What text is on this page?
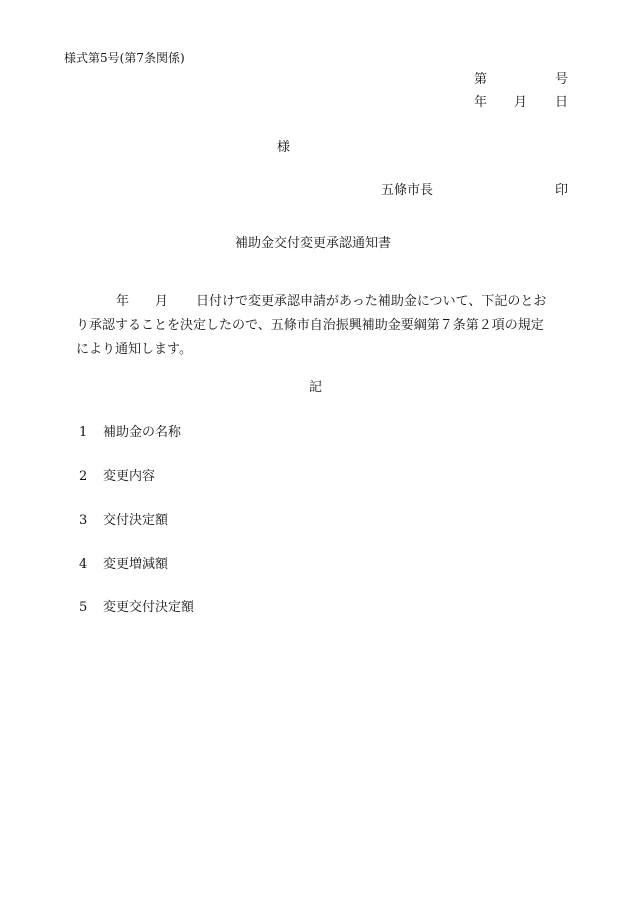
様式第5号(第7条関係)
第	号
年 月 日
様
五條市長	印
補助金交付変更承認通知書
年 月 日付けで変更承認申請があった補助金について、下記のとお
り承認することを決定したので、五條市自治振興補助金要綱第７条第２項の規定
により通知します。
記
1 補助金の名称
2 変更内容
3 交付決定額
4 変更増減額
5 変更交付決定額
